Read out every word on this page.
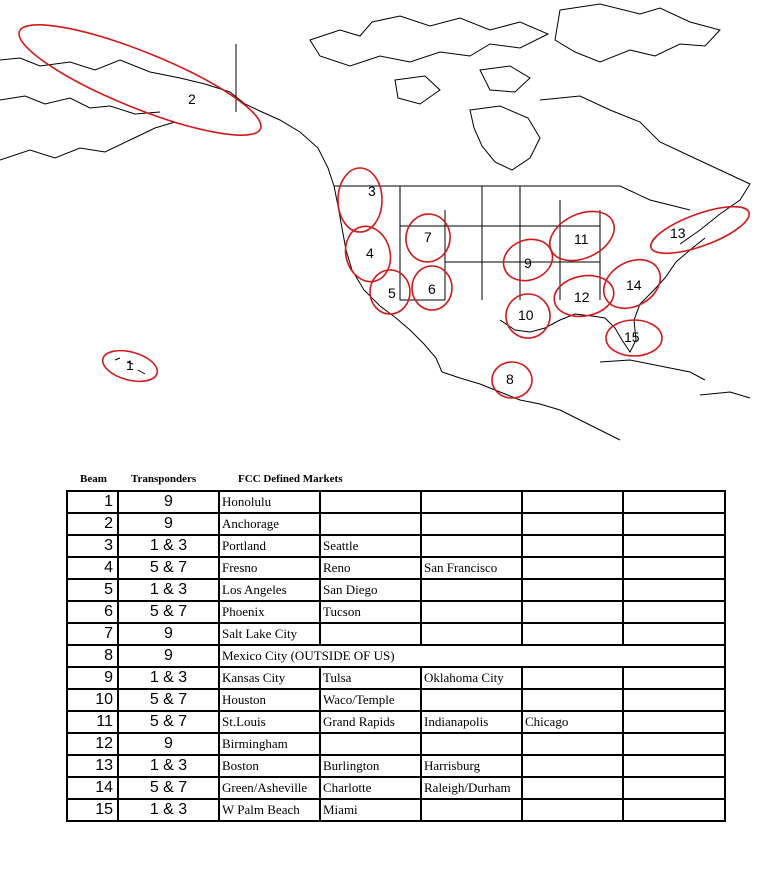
1
2
3
4
5 6
7
8
9
10
11
12
13
14
15
Beam Transponders	FCC Defined Markets
1	9	Honolulu				
2	9	Anchorage				
3	1 & 3	Portland	Seattle			
4	5 & 7	Fresno	Reno	San Francisco		
5	1 & 3	Los Angeles	San Diego			
6	5 & 7	Phoenix	Tucson			
7	9	Salt Lake City				
8	9	Mexico City (OUTSIDE OF US)				
9	1 & 3	Kansas City	Tulsa	Oklahoma City		
10	5 & 7	Houston	Waco/Temple			
11	5 & 7	St.Louis	Grand Rapids	Indianapolis	Chicago	
12	9	Birmingham				
13	1 & 3	Boston	Burlington	Harrisburg		
14	5 & 7	Green/Asheville	Charlotte	Raleigh/Durham		
15	1 & 3	W Palm Beach	Miami			
